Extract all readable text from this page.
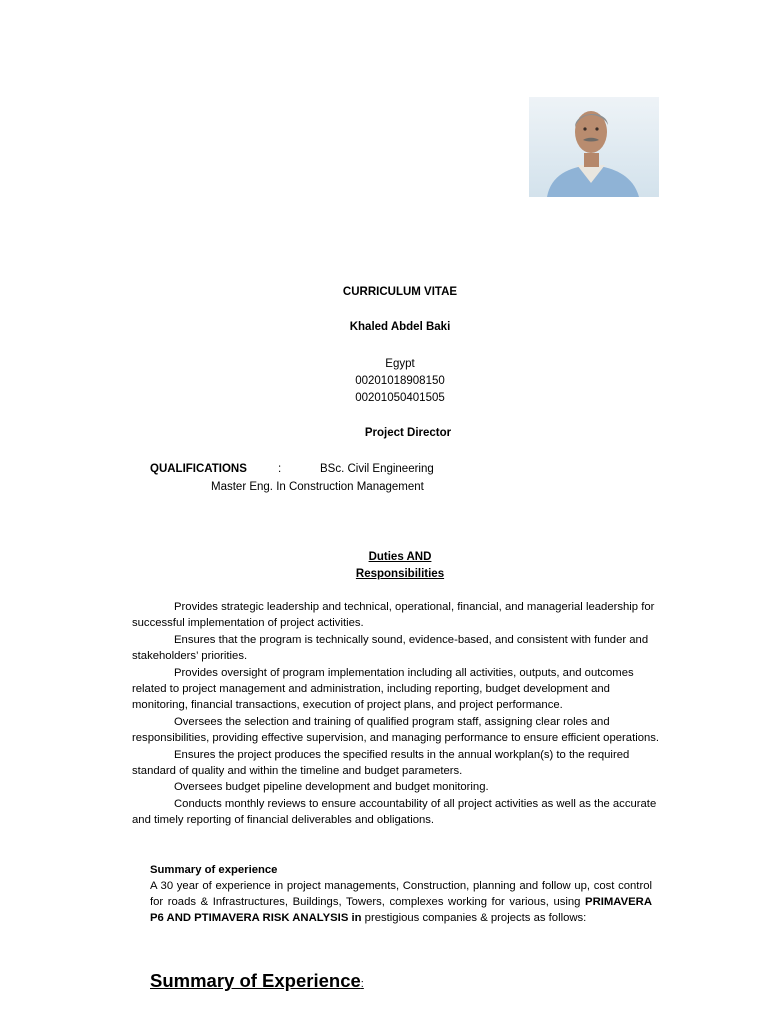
CURRICULUM VITAE
Khaled Abdel Baki
Egypt
00201018908150
00201050401505
Project Director
QUALIFICATIONS	:	BSc. Civil Engineering
Master Eng. In Construction Management
Duties AND
Responsibilities

Provides strategic leadership and technical, operational, financial, and managerial leadership for successful implementation of project activities.

Ensures that the program is technically sound, evidence-based, and consistent with funder and stakeholders’ priorities.

Provides oversight of program implementation including all activities, outputs, and outcomes related to project management and administration, including reporting, budget development and monitoring, financial transactions, execution of project plans, and project performance.

Oversees the selection and training of qualified program staff, assigning clear roles and responsibilities, providing effective supervision, and managing performance to ensure efficient operations.

Ensures the project produces the specified results in the annual workplan(s) to the required standard of quality and within the timeline and budget parameters.

Oversees budget pipeline development and budget monitoring.

Conducts monthly reviews to ensure accountability of all project activities as well as the accurate and timely reporting of financial deliverables and obligations.

Summary of experience
A 30 year of experience in project managements, Construction, planning and follow up, cost control for roads & Infrastructures, Buildings, Towers, complexes working for various, using PRIMAVERA P6 AND PTIMAVERA RISK ANALYSIS in prestigious companies & projects as follows:
Summary of Experience:
